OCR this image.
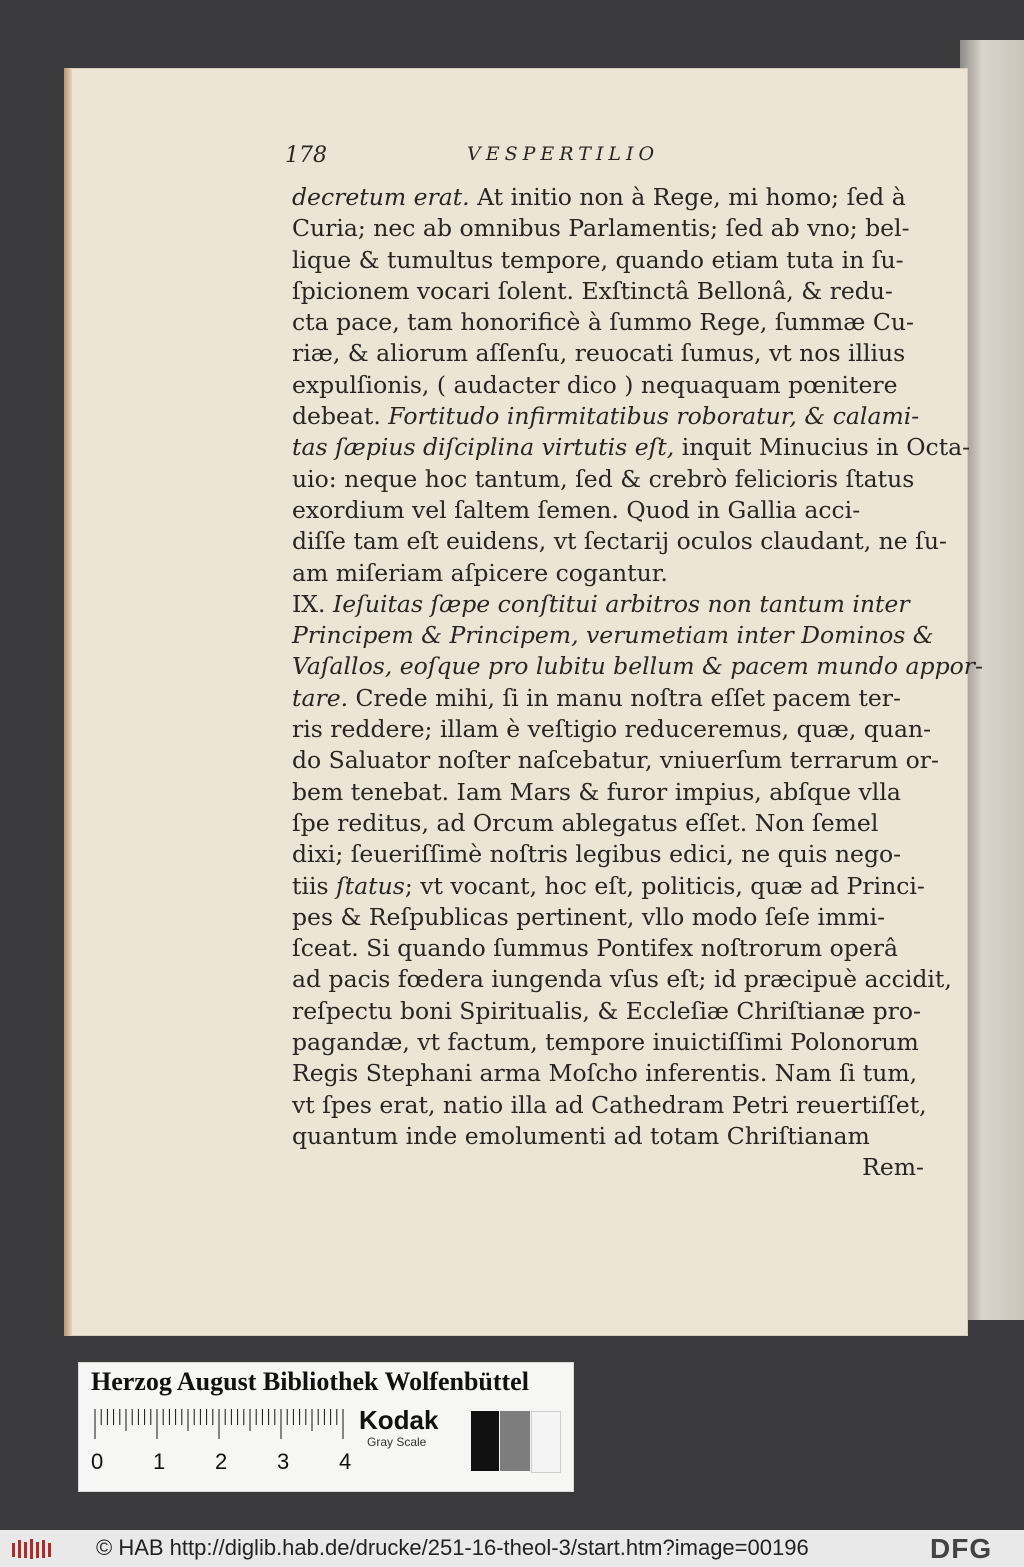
178	VESPERTILIO
decretum erat. At initio non à Rege, mi homo; ſed à
Curia; nec ab omnibus Parlamentis; ſed ab vno; bel-
lique & tumultus tempore, quando etiam tuta in ſu-
ſpicionem vocari ſolent. Exſtinctâ Bellonâ, & redu-
cta pace, tam honorificè à ſummo Rege, ſummæ Cu-
riæ, & aliorum aſſenſu, reuocati ſumus, vt nos illius
expulſionis, ( audacter dico ) nequaquam pœnitere
debeat. Fortitudo infirmitatibus roboratur, & calami-
tas ſæpius diſciplina virtutis eſt, inquit Minucius in Octa-
uio: neque hoc tantum, ſed & crebrò felicioris ſtatus
exordium vel ſaltem ſemen. Quod in Gallia acci-
diſſe tam eſt euidens, vt ſectarij oculos claudant, ne ſu-
am miſeriam aſpicere cogantur.
IX. Ieſuitas ſæpe conſtitui arbitros non tantum inter
Principem & Principem, verumetiam inter Dominos &
Vaſallos, eoſque pro lubitu bellum & pacem mundo appor-
tare. Crede mihi, ſi in manu noſtra eſſet pacem ter-
ris reddere; illam è veſtigio reduceremus, quæ, quan-
do Saluator noſter naſcebatur, vniuerſum terrarum or-
bem tenebat. Iam Mars & furor impius, abſque vlla
ſpe reditus, ad Orcum ablegatus eſſet. Non ſemel
dixi; ſeueriſſimè noſtris legibus edici, ne quis nego-
tiis ſtatus; vt vocant, hoc eſt, politicis, quæ ad Princi-
pes & Reſpublicas pertinent, vllo modo ſeſe immi-
ſceat. Si quando ſummus Pontifex noſtrorum operâ
ad pacis fœdera iungenda vſus eſt; id præcipuè accidit,
reſpectu boni Spiritualis, & Eccleſiæ Chriſtianæ pro-
pagandæ, vt factum, tempore inuictiſſimi Polonorum
Regis Stephani arma Moſcho inferentis. Nam ſi tum,
vt ſpes erat, natio illa ad Cathedram Petri reuertiſſet,
quantum inde emolumenti ad totam Chriſtianam
Rem-
Herzog August Bibliothek Wolfenbüttel
0 1 2 3 4
Kodak
Gray Scale
© HAB http://diglib.hab.de/drucke/251-16-theol-3/start.htm?image=00196	DFG
